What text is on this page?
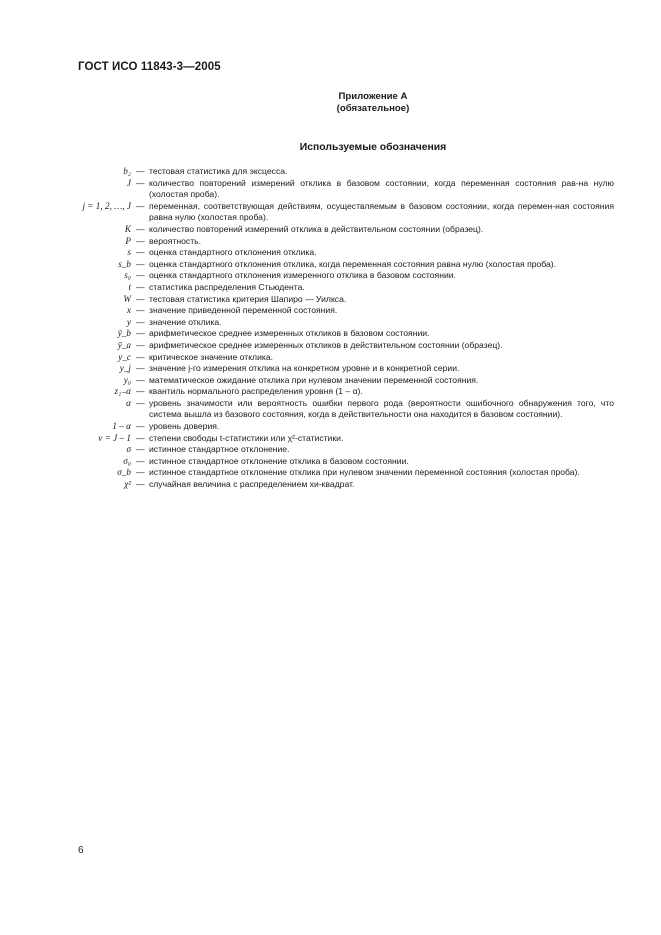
ГОСТ ИСО 11843-3—2005
Приложение А
(обязательное)
Используемые обозначения
b₂ — тестовая статистика для эксцесса.
J — количество повторений измерений отклика в базовом состоянии, когда переменная состояния рав-на нулю (холостая проба).
j = 1, 2, …, J — переменная, соответствующая действиям, осуществляемым в базовом состоянии, когда перемен-ная состояния равна нулю (холостая проба).
K — количество повторений измерений отклика в действительном состоянии (образец).
P — вероятность.
s — оценка стандартного отклонения отклика.
s_b — оценка стандартного отклонения отклика, когда переменная состояния равна нулю (холостая проба).
s₀ — оценка стандартного отклонения измеренного отклика в базовом состоянии.
t — статистика распределения Стьюдента.
W — тестовая статистика критерия Шапиро — Уилкса.
x — значение приведенной переменной состояния.
y — значение отклика.
ȳ_b — арифметическое среднее измеренных откликов в базовом состоянии.
ȳ_a — арифметическое среднее измеренных откликов в действительном состоянии (образец).
y_c — критическое значение отклика.
y_j — значение j-го измерения отклика на конкретном уровне и в конкретной серии.
y₀ — математическое ожидание отклика при нулевом значении переменной состояния.
z₁₋α — квантиль нормального распределения уровня (1 – α).
α — уровень значимости или вероятность ошибки первого рода (вероятности ошибочного обнаружения того, что система вышла из базового состояния, когда в действительности она находится в базовом состоянии).
1 – α — уровень доверия.
ν = J – 1 — степени свободы t-статистики или χ²-статистики.
σ — истинное стандартное отклонение.
σ₀ — истинное стандартное отклонение отклика в базовом состоянии.
σ_b — истинное стандартное отклонение отклика при нулевом значении переменной состояния (холостая проба).
χ² — случайная величина с распределением хи-квадрат.
6
